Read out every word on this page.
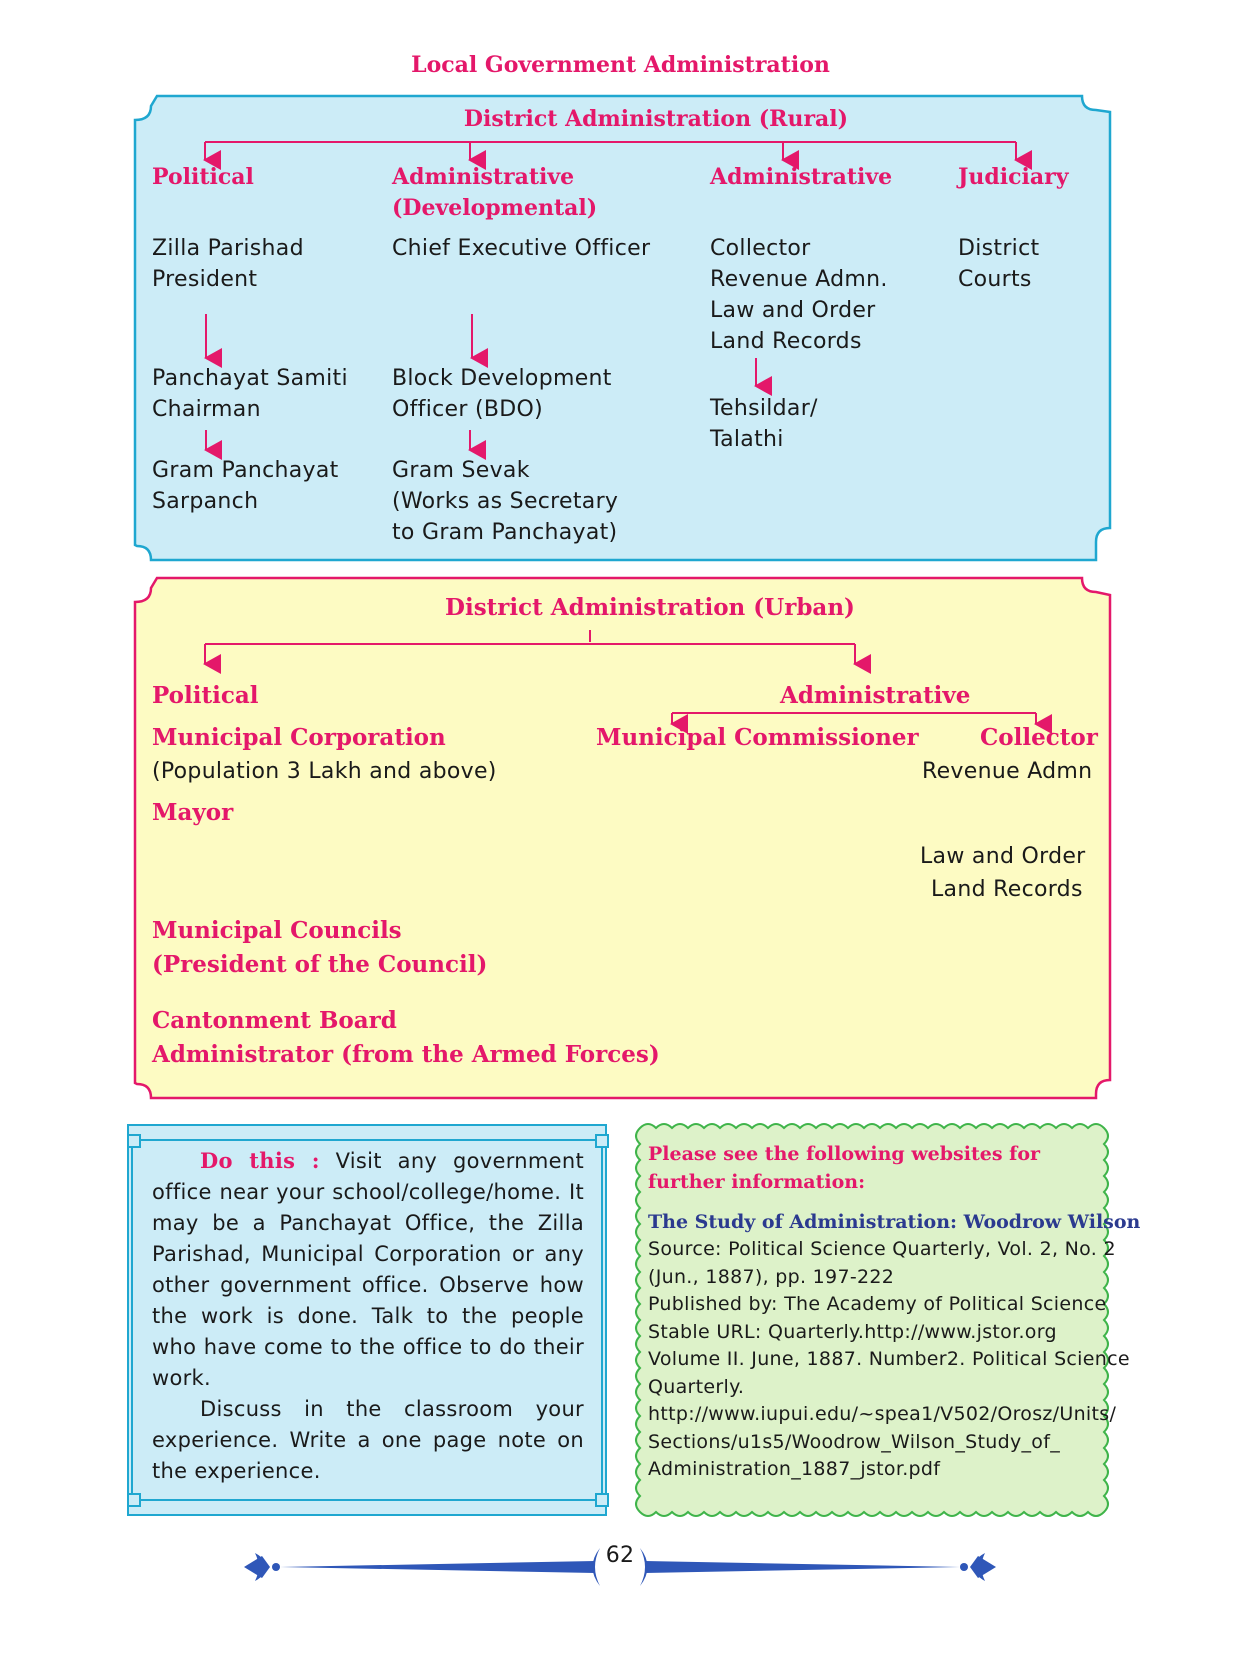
Local Government Administration
District Administration (Rural)
Political	Administrative
(Developmental)
Administrative	Judiciary
Zilla Parishad
President
Panchayat Samiti
Chairman
Gram Panchayat
Sarpanch
Chief Executive Officer
Block Development
Officer (BDO)
Gram Sevak
(Works as Secretary
to Gram Panchayat)
Collector
Revenue Admn.
Law and Order
Land Records
Tehsildar/
Talathi
District
Courts
District Administration (Urban)
Political
Municipal Corporation
(Population 3 Lakh and above)
Mayor
Municipal Councils
(President of the Council)
Cantonment Board
Administrator (from the Armed Forces)
Administrative
Municipal Commissioner	Collector
Revenue Admn
Law and Order
Land Records

Do this : Visit any government office near your school/college/home. It may be a Panchayat Office, the Zilla Parishad, Municipal Corporation or any other government office. Observe how the work is done. Talk to the people who have come to the office to do their work.

Discuss in the classroom your experience. Write a one page note on the experience.

Please see the following websites for further information:
The Study of Administration: Woodrow Wilson
Source: Political Science Quarterly, Vol. 2, No. 2
(Jun., 1887), pp. 197-222
Published by: The Academy of Political Science
Stable URL: Quarterly.http://www.jstor.org
Volume II. June, 1887. Number2. Political Science
Quarterly.
http://www.iupui.edu/~spea1/V502/Orosz/Units/
Sections/u1s5/Woodrow_Wilson_Study_of_
Administration_1887_jstor.pdf
62
